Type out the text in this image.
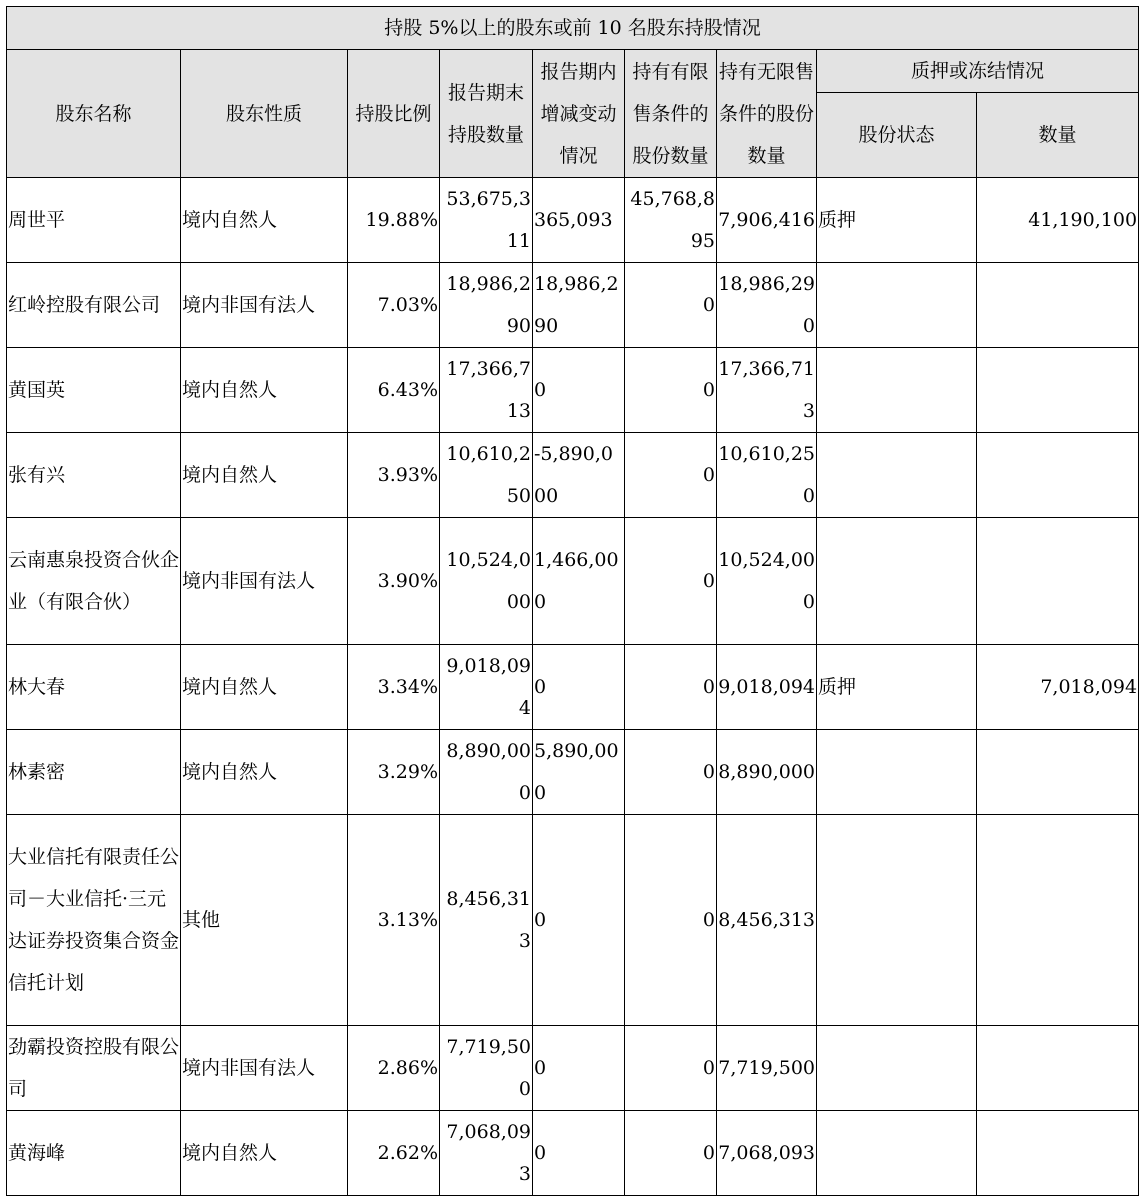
持股 5%以上的股东或前 10 名股东持股情况								
股东名称	股东性质	持股比例	报告期末持股数量	报告期内增减变动情况	持有有限售条件的股份数量	持有无限售条件的股份数量	质押或冻结情况	
							股份状态	数量
周世平	境内自然人	19.88%	53,675,311	365,093	45,768,895	7,906,416	质押	41,190,100
红岭控股有限公司	境内非国有法人	7.03%	18,986,290	18,986,290	0	18,986,290		
黄国英	境内自然人	6.43%	17,366,713	0	0	17,366,713		
张有兴	境内自然人	3.93%	10,610,250	-5,890,000	0	10,610,250		
云南惠泉投资合伙企业（有限合伙）	境内非国有法人	3.90%	10,524,000	1,466,000	0	10,524,000		
林大春	境内自然人	3.34%	9,018,094	0	0	9,018,094	质押	7,018,094
林素密	境内自然人	3.29%	8,890,000	5,890,000	0	8,890,000		
大业信托有限责任公司－大业信托·三元达证券投资集合资金信托计划	其他	3.13%	8,456,313	0	0	8,456,313		
劲霸投资控股有限公司	境内非国有法人	2.86%	7,719,500	0	0	7,719,500		
黄海峰	境内自然人	2.62%	7,068,093	0	0	7,068,093		
